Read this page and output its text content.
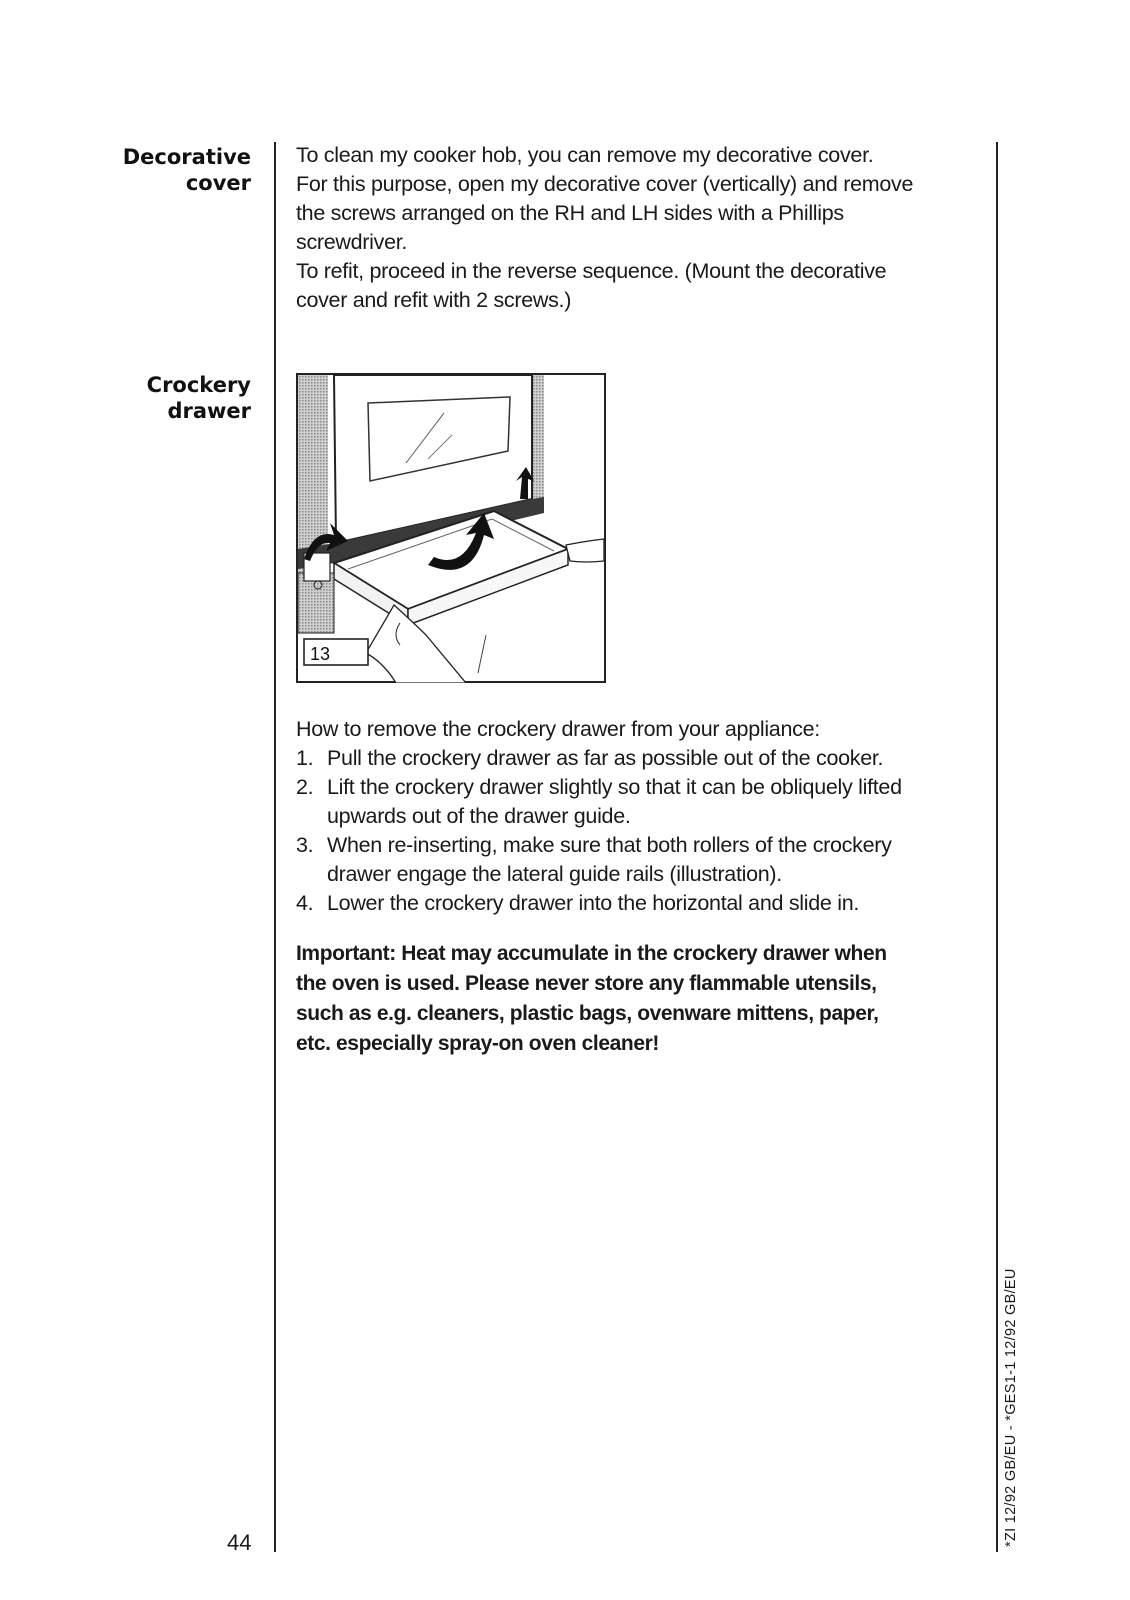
Decorative
cover
Crockery
drawer

To clean my cooker hob, you can remove my decorative cover.
For this purpose, open my decorative cover (vertically) and remove
the screws arranged on the RH and LH sides with a Phillips
screwdriver.
To refit, proceed in the reverse sequence. (Mount the decorative
cover and refit with 2 screws.)

13

How to remove the crockery drawer from your appliance:

1. Pull the crockery drawer as far as possible out of the cooker.
2. Lift the crockery drawer slightly so that it can be obliquely lifted
upwards out of the drawer guide.
3. When re-inserting, make sure that both rollers of the crockery
drawer engage the lateral guide rails (illustration).
4. Lower the crockery drawer into the horizontal and slide in.

Important: Heat may accumulate in the crockery drawer when
the oven is used. Please never store any flammable utensils,
such as e.g. cleaners, plastic bags, ovenware mittens, paper,
etc. especially spray-on oven cleaner!

44	*ZI 12/92 GB/EU - *GES1-1 12/92 GB/EU
